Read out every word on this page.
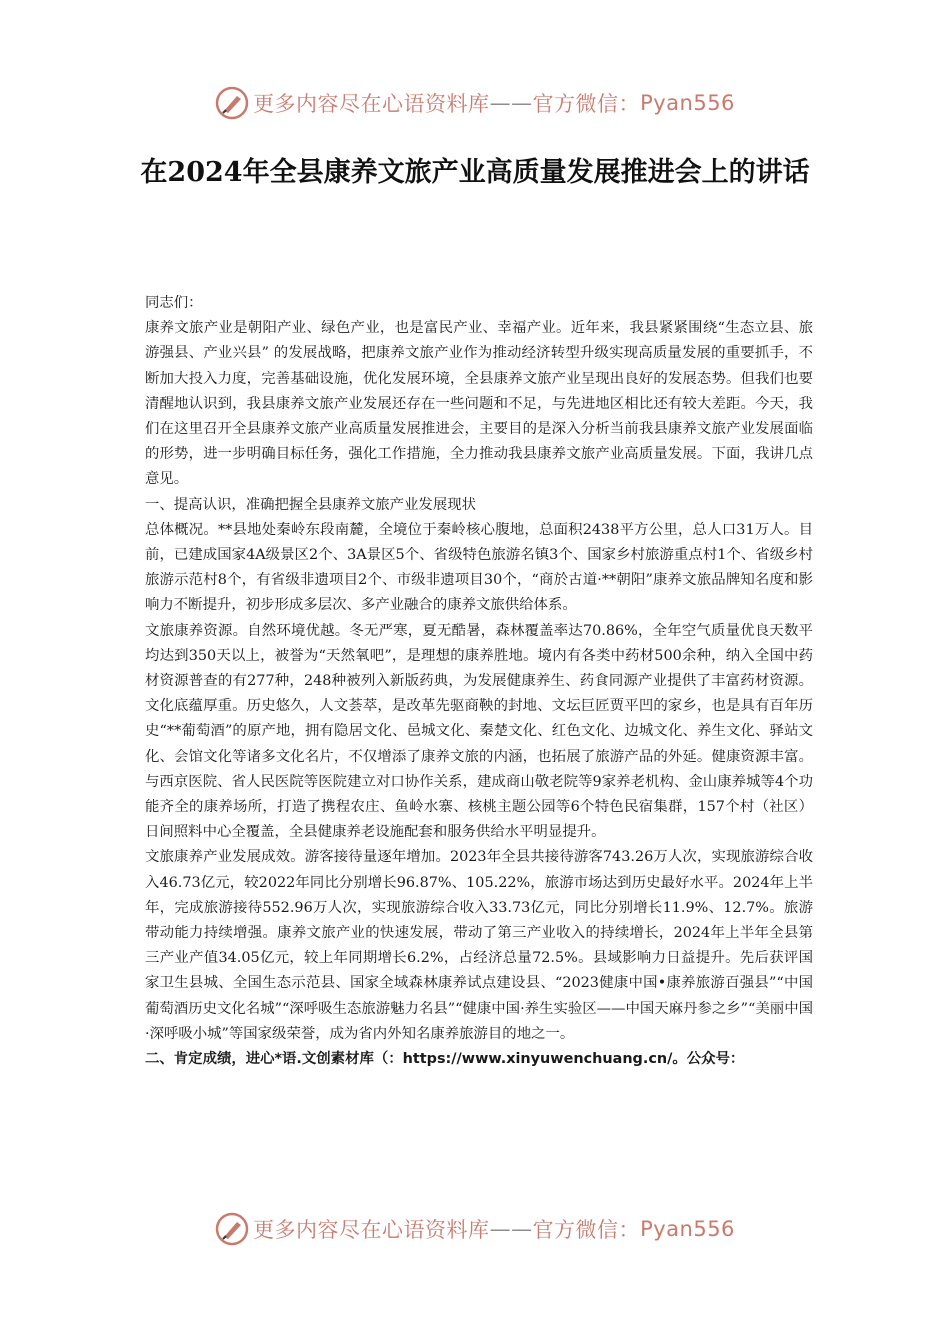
更多内容尽在心语资料库 —— 官方微信： Pyan556
在2024年全县康养文旅产业高质量发展推进会上的讲话

同志们：

康养文旅产业是朝阳产业、绿色产业，也是富民产业、幸福产业。近年来，我县紧紧围绕“生态立县、旅游强县、产业兴县” 的发展战略，把康养文旅产业作为推动经济转型升级实现高质量发展的重要抓手，不断加大投入力度，完善基础设施，优化发展环境，全县康养文旅产业呈现出良好的发展态势。但我们也要清醒地认识到，我县康养文旅产业发展还存在一些问题和不足，与先进地区相比还有较大差距。今天，我们在这里召开全县康养文旅产业高质量发展推进会，主要目的是深入分析当前我县康养文旅产业发展面临的形势，进一步明确目标任务，强化工作措施，全力推动我县康养文旅产业高质量发展。下面，我讲几点意见。

一、提高认识，准确把握全县康养文旅产业发展现状

总体概况。**县地处秦岭东段南麓，全境位于秦岭核心腹地，总面积2438平方公里，总人口31万人。目前，已建成国家4A级景区2个、3A景区5个、省级特色旅游名镇3个、国家乡村旅游重点村1个、省级乡村旅游示范村8个，有省级非遗项目2个、市级非遗项目30个，“商於古道·**朝阳”康养文旅品牌知名度和影响力不断提升，初步形成多层次、多产业融合的康养文旅供给体系。

文旅康养资源。自然环境优越。冬无严寒，夏无酷暑，森林覆盖率达70.86%，全年空气质量优良天数平均达到350天以上，被誉为“天然氧吧”，是理想的康养胜地。境内有各类中药材500余种，纳入全国中药材资源普查的有277种，248种被列入新版药典，为发展健康养生、药食同源产业提供了丰富药材资源。文化底蕴厚重。历史悠久，人文荟萃，是改革先驱商鞅的封地、文坛巨匠贾平凹的家乡，也是具有百年历史“**葡萄酒”的原产地，拥有隐居文化、邑城文化、秦楚文化、红色文化、边城文化、养生文化、驿站文化、会馆文化等诸多文化名片，不仅增添了康养文旅的内涵，也拓展了旅游产品的外延。健康资源丰富。与西京医院、省人民医院等医院建立对口协作关系，建成商山敬老院等9家养老机构、金山康养城等4个功能齐全的康养场所，打造了携程农庄、鱼岭水寨、核桃主题公园等6个特色民宿集群，157个村（社区）日间照料中心全覆盖，全县健康养老设施配套和服务供给水平明显提升。

文旅康养产业发展成效。游客接待量逐年增加。2023年全县共接待游客743.26万人次，实现旅游综合收入46.73亿元，较2022年同比分别增长96.87%、105.22%，旅游市场达到历史最好水平。2024年上半年，完成旅游接待552.96万人次，实现旅游综合收入33.73亿元，同比分别增长11.9%、12.7%。旅游带动能力持续增强。康养文旅产业的快速发展，带动了第三产业收入的持续增长，2024年上半年全县第三产业产值34.05亿元，较上年同期增长6.2%，占经济总量72.5%。县域影响力日益提升。先后获评国家卫生县城、全国生态示范县、国家全域森林康养试点建设县、“2023健康中国•康养旅游百强县”“中国葡萄酒历史文化名城”“深呼吸生态旅游魅力名县”“健康中国·养生实验区——中国天麻丹参之乡”“美丽中国·深呼吸小城”等国家级荣誉，成为省内外知名康养旅游目的地之一。

二、肯定成绩，进心*语.文创素材库（：https://www.xinyuwenchuang.cn/。公众号：

更多内容尽在心语资料库 —— 官方微信： Pyan556
